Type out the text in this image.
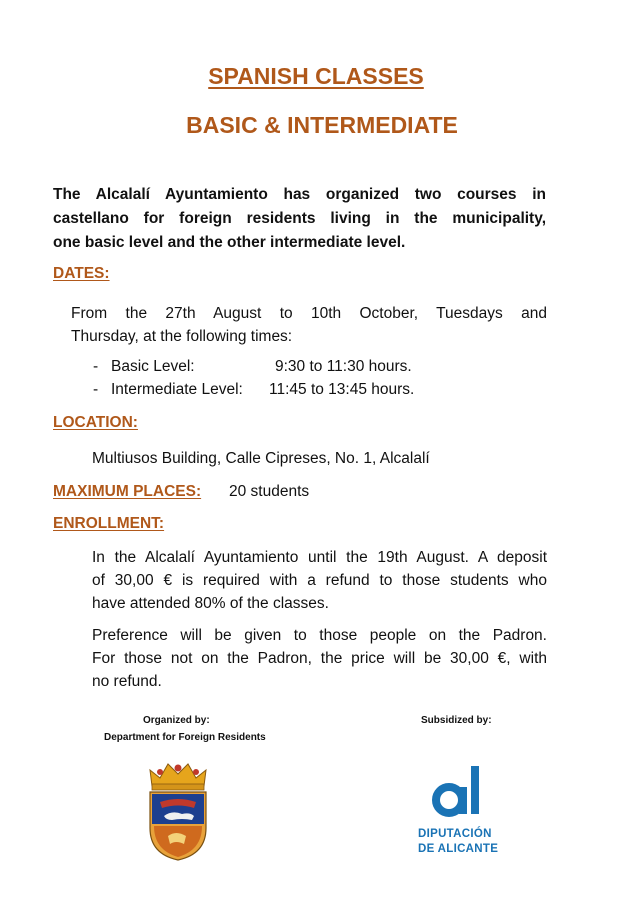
SPANISH CLASSES
BASIC & INTERMEDIATE
The Alcalalí Ayuntamiento has organized two courses in
castellano for foreign residents living in the municipality,
one basic level and the other intermediate level.
DATES:
From the 27th August to 10th October, Tuesdays and
Thursday, at the following times:
- Basic Level:	9:30 to 11:30 hours.
- Intermediate Level: 11:45 to 13:45 hours.
LOCATION:
Multiusos Building, Calle Cipreses, No. 1, Alcalalí
MAXIMUM PLACES: 20 students
ENROLLMENT:
In the Alcalalí Ayuntamiento until the 19th August. A deposit
of 30,00 € is required with a refund to those students who
have attended 80% of the classes.
Preference will be given to those people on the Padron.
For those not on the Padron, the price will be 30,00 €, with
no refund.
Organized by:
Department for Foreign Residents
Subsidized by:
DIPUTACIÓN
DE ALICANTE
